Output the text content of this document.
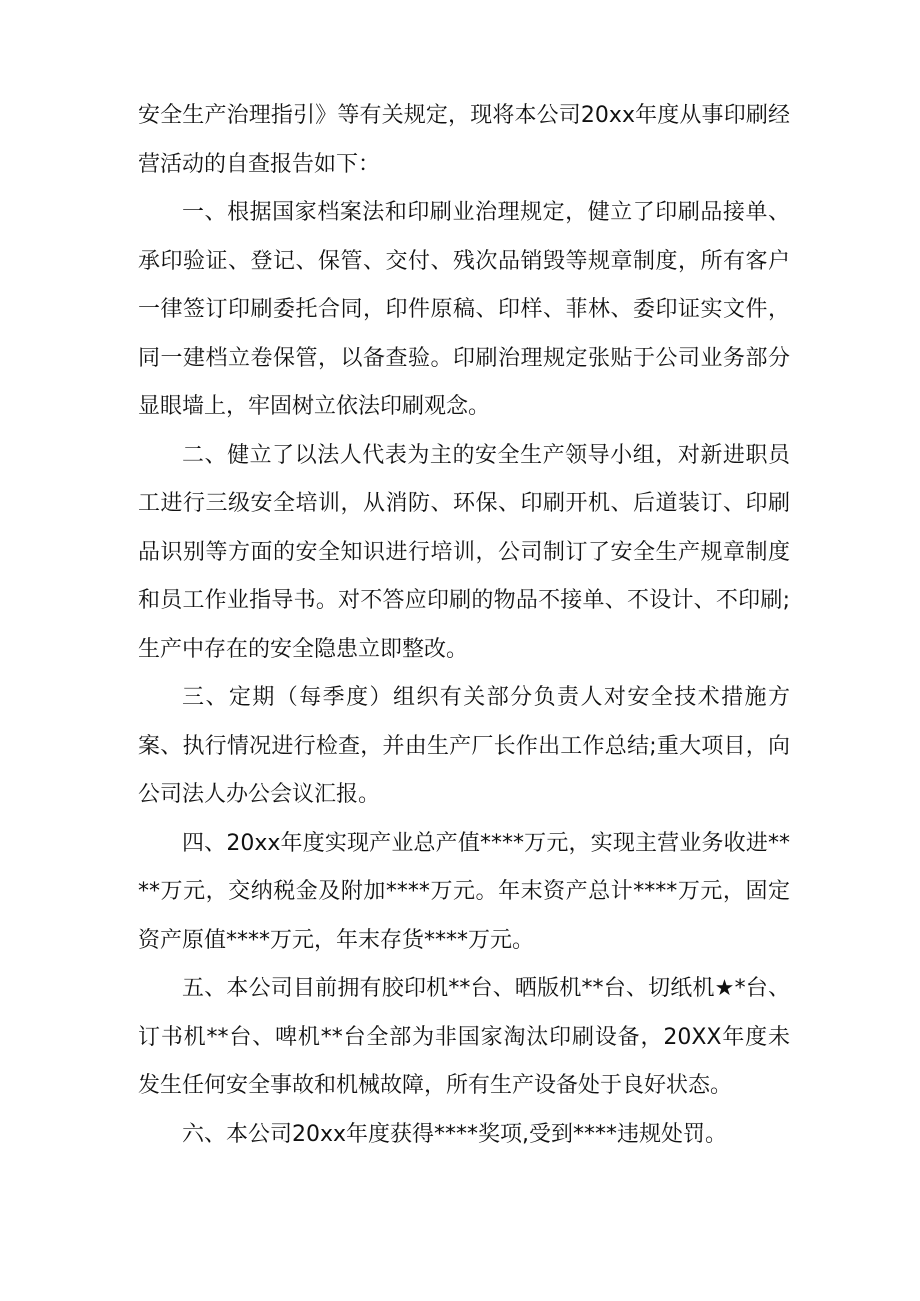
安全生产治理指引》等有关规定，现将本公司20xx年度从事印刷经营活动的自查报告如下：

一、根据国家档案法和印刷业治理规定，健立了印刷品接单、承印验证、登记、保管、交付、残次品销毁等规章制度，所有客户一律签订印刷委托合同，印件原稿、印样、菲林、委印证实文件，同一建档立卷保管，以备查验。印刷治理规定张贴于公司业务部分显眼墙上，牢固树立依法印刷观念。

二、健立了以法人代表为主的安全生产领导小组，对新进职员工进行三级安全培训，从消防、环保、印刷开机、后道装订、印刷品识别等方面的安全知识进行培训，公司制订了安全生产规章制度和员工作业指导书。对不答应印刷的物品不接单、不设计、不印刷;生产中存在的安全隐患立即整改。

三、定期（每季度）组织有关部分负责人对安全技术措施方案、执行情况进行检查，并由生产厂长作出工作总结;重大项目，向公司法人办公会议汇报。

四、20xx年度实现产业总产值****万元，实现主营业务收进****万元，交纳税金及附加****万元。年末资产总计****万元，固定资产原值****万元，年末存货****万元。

五、本公司目前拥有胶印机**台、晒版机**台、切纸机★*台、订书机**台、啤机**台全部为非国家淘汰印刷设备，20XX年度未发生任何安全事故和机械故障，所有生产设备处于良好状态。

六、本公司20xx年度获得****奖项,受到****违规处罚。
